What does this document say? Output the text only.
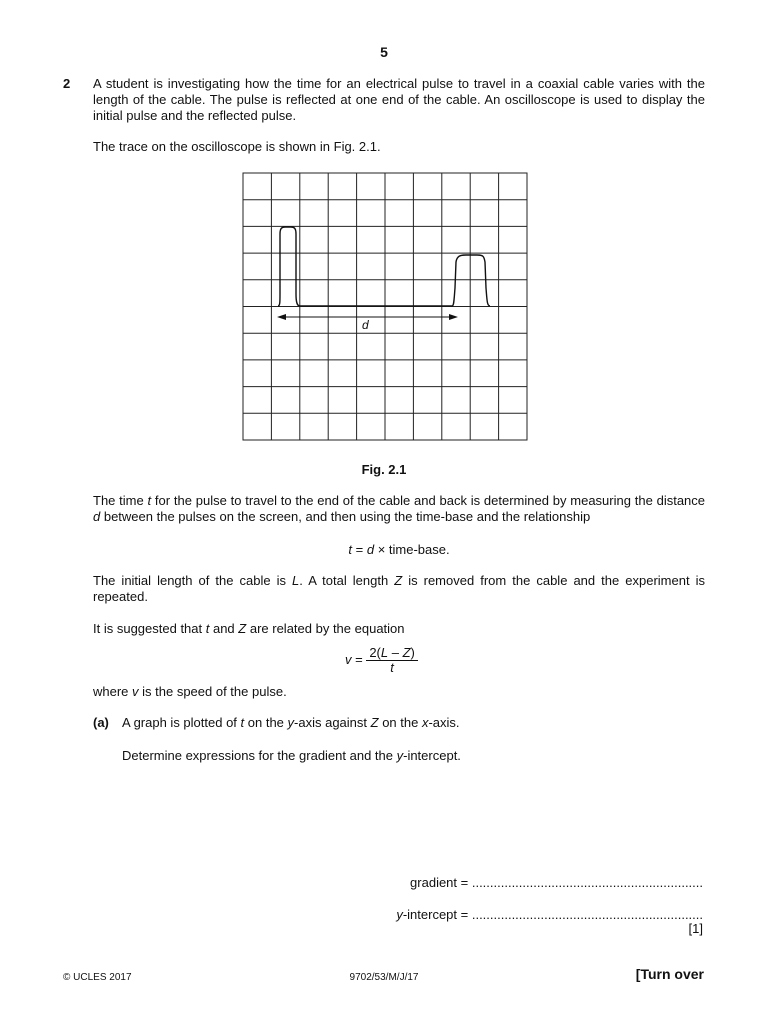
5
2 A student is investigating how the time for an electrical pulse to travel in a coaxial cable varies with the length of the cable. The pulse is reflected at one end of the cable. An oscilloscope is used to display the initial pulse and the reflected pulse.
The trace on the oscilloscope is shown in Fig. 2.1.
d
Fig. 2.1
The time t for the pulse to travel to the end of the cable and back is determined by measuring the distance d between the pulses on the screen, and then using the time-base and the relationship
t = d × time-base.
The initial length of the cable is L. A total length Z is removed from the cable and the experiment is repeated.
It is suggested that t and Z are related by the equation
$v = \frac{2(L - Z)}{t}$
where v is the speed of the pulse.
(a) A graph is plotted of t on the y-axis against Z on the x-axis.
Determine expressions for the gradient and the y-intercept.
gradient = ................................................................
y-intercept = ................................................................
[1]
© UCLES 2017	9702/53/M/J/17	[Turn over
